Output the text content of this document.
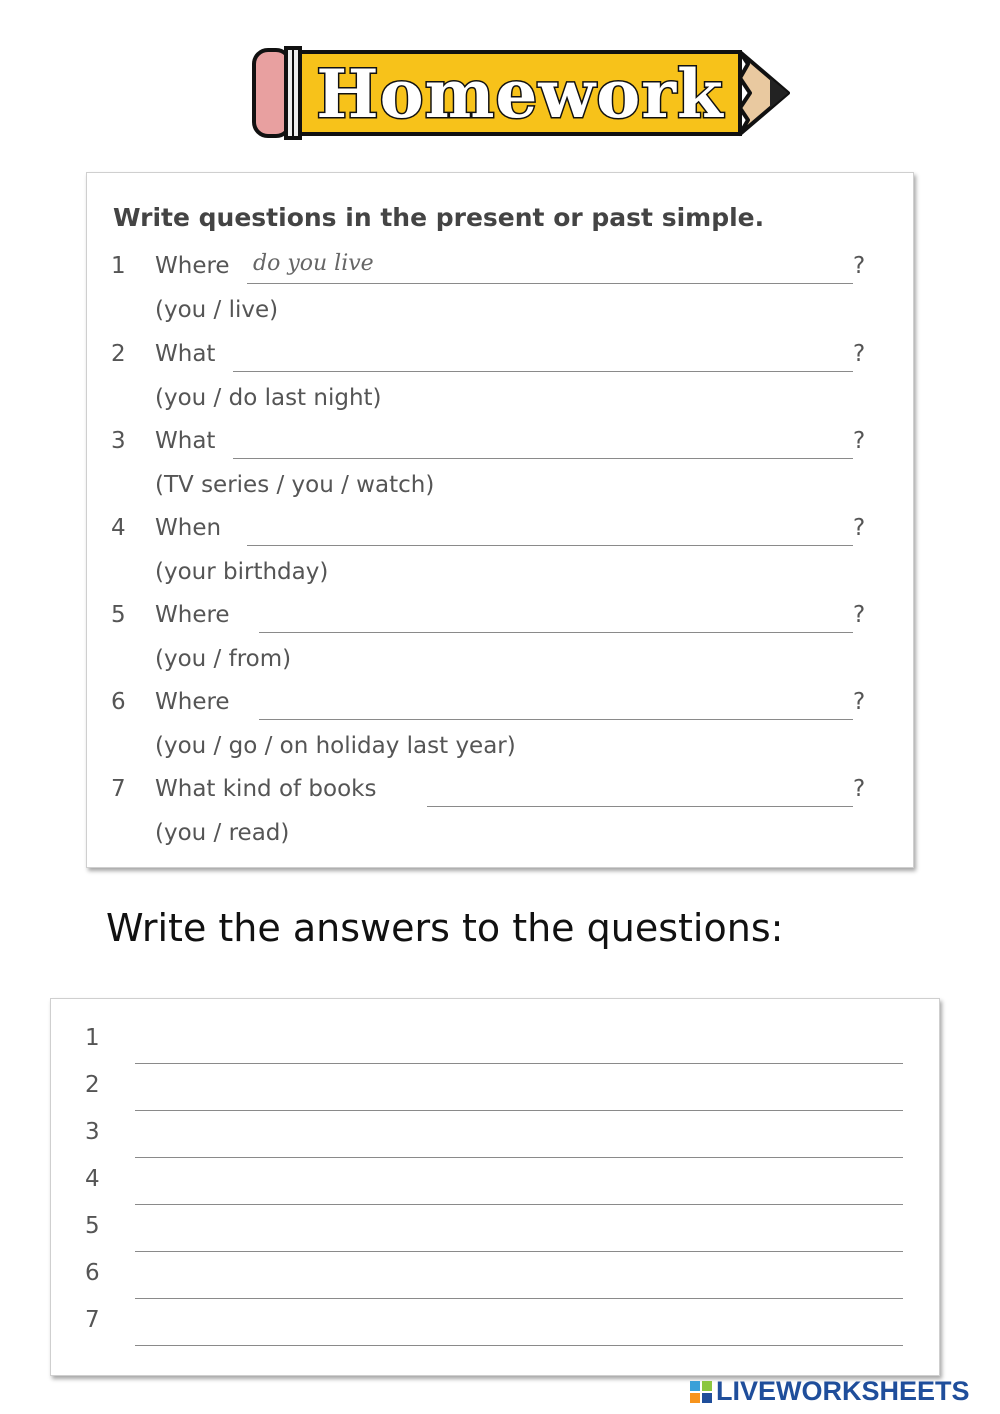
Homework
Write questions in the present or past simple.
1 Where do you live	?
(you / live)
2 What	?
(you / do last night)
3 What	?
(TV series / you / watch)
4 When	?
(your birthday)
5 Where	?
(you / from)
6 Where	?
(you / go / on holiday last year)
7 What kind of books	?
(you / read)
Write the answers to the questions:
1
2
3
4
5
6
7
LIVEWORKSHEETS
